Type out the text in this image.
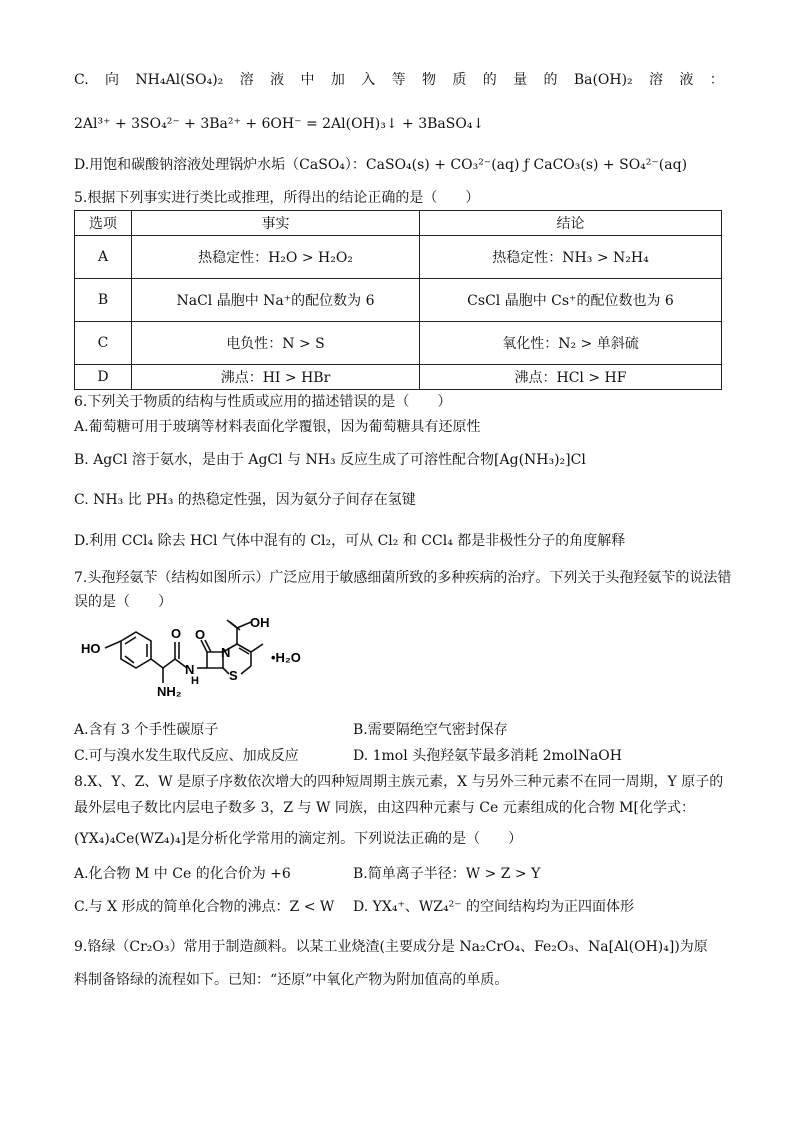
C. 向 NH₄Al(SO₄)₂ 溶 液 中 加 入 等 物 质 的 量 的 Ba(OH)₂ 溶 液 ：
2Al³⁺ + 3SO₄²⁻ + 3Ba²⁺ + 6OH⁻ = 2Al(OH)₃↓ + 3BaSO₄↓
D.用饱和碳酸钠溶液处理锅炉水垢（CaSO₄）：CaSO₄(s) + CO₃²⁻(aq) ƒ CaCO₃(s) + SO₄²⁻(aq)
5.根据下列事实进行类比或推理，所得出的结论正确的是（　　）
选项	事实	结论
A	热稳定性：H₂O > H₂O₂	热稳定性：NH₃ > N₂H₄
B	NaCl 晶胞中 Na⁺的配位数为 6	CsCl 晶胞中 Cs⁺的配位数也为 6
C	电负性：N > S	氧化性：N₂ > 单斜硫
D	沸点：HI > HBr	沸点：HCl > HF
6.下列关于物质的结构与性质或应用的描述错误的是（　　）
A.葡萄糖可用于玻璃等材料表面化学覆银，因为葡萄糖具有还原性
B. AgCl 溶于氨水，是由于 AgCl 与 NH₃ 反应生成了可溶性配合物[Ag(NH₃)₂]Cl
C. NH₃ 比 PH₃ 的热稳定性强，因为氨分子间存在氢键
D.利用 CCl₄ 除去 HCl 气体中混有的 Cl₂，可从 Cl₂ 和 CCl₄ 都是非极性分子的角度解释
7.头孢羟氨苄（结构如图所示）广泛应用于敏感细菌所致的多种疾病的治疗。下列关于头孢羟氨苄的说法错
误的是（　　）
HO
O
N
H
N
O
OH
S
NH₂
•H₂O
A.含有 3 个手性碳原子	B.需要隔绝空气密封保存
C.可与溴水发生取代反应、加成反应	D. 1mol 头孢羟氨苄最多消耗 2molNaOH
8.X、Y、Z、W 是原子序数依次增大的四种短周期主族元素，X 与另外三种元素不在同一周期，Y 原子的
最外层电子数比内层电子数多 3，Z 与 W 同族，由这四种元素与 Ce 元素组成的化合物 M[化学式：
(YX₄)₄Ce(WZ₄)₄]是分析化学常用的滴定剂。下列说法正确的是（　　）
A.化合物 M 中 Ce 的化合价为 +6	B.简单离子半径：W > Z > Y
C.与 X 形成的简单化合物的沸点：Z < W D. YX₄⁺、WZ₄²⁻ 的空间结构均为正四面体形
9.铬绿（Cr₂O₃）常用于制造颜料。以某工业烧渣(主要成分是 Na₂CrO₄、Fe₂O₃、Na[Al(OH)₄])为原
料制备铬绿的流程如下。已知：“还原”中氧化产物为附加值高的单质。
